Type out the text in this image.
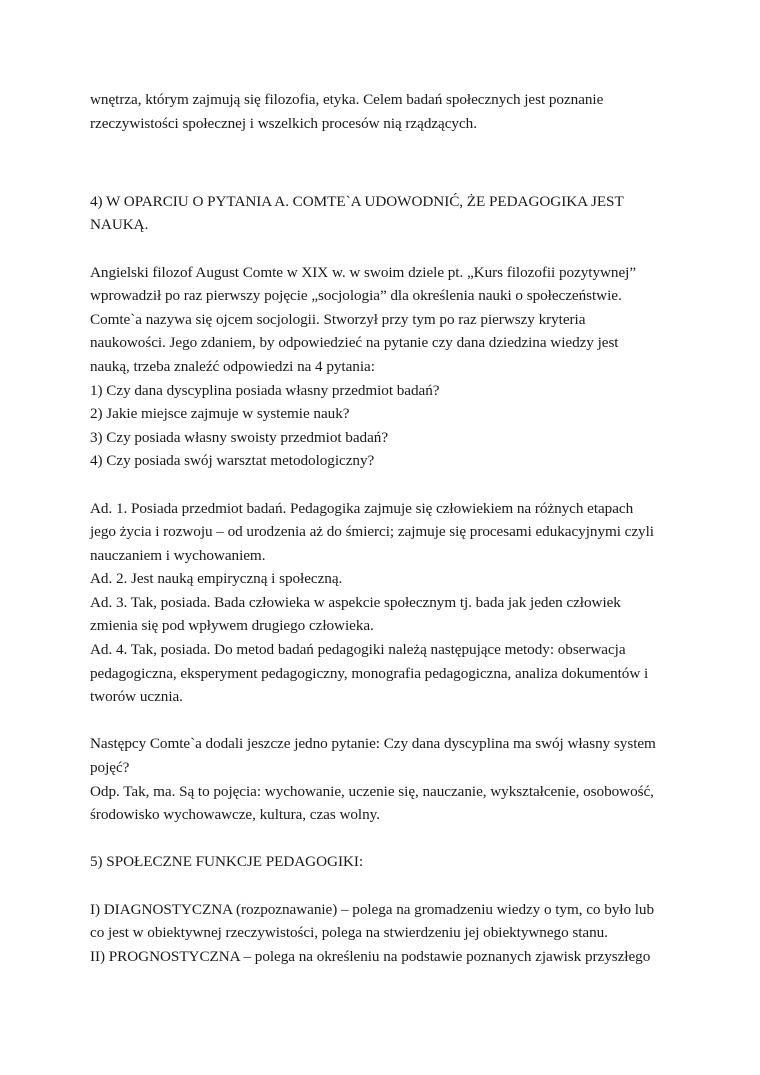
wnętrza, którym zajmują się filozofia, etyka. Celem badań społecznych jest poznanie
rzeczywistości społecznej i wszelkich procesów nią rządzących.
4) W OPARCIU O PYTANIA A. COMTE`A UDOWODNIĆ, ŻE PEDAGOGIKA JEST
NAUKĄ.
Angielski filozof August Comte w XIX w. w swoim dziele pt. „Kurs filozofii pozytywnej”
wprowadził po raz pierwszy pojęcie „socjologia” dla określenia nauki o społeczeństwie.
Comte`a nazywa się ojcem socjologii. Stworzył przy tym po raz pierwszy kryteria
naukowości. Jego zdaniem, by odpowiedzieć na pytanie czy dana dziedzina wiedzy jest
nauką, trzeba znaleźć odpowiedzi na 4 pytania:
1) Czy dana dyscyplina posiada własny przedmiot badań?
2) Jakie miejsce zajmuje w systemie nauk?
3) Czy posiada własny swoisty przedmiot badań?
4) Czy posiada swój warsztat metodologiczny?
Ad. 1. Posiada przedmiot badań. Pedagogika zajmuje się człowiekiem na różnych etapach
jego życia i rozwoju – od urodzenia aż do śmierci; zajmuje się procesami edukacyjnymi czyli
nauczaniem i wychowaniem.
Ad. 2. Jest nauką empiryczną i społeczną.
Ad. 3. Tak, posiada. Bada człowieka w aspekcie społecznym tj. bada jak jeden człowiek
zmienia się pod wpływem drugiego człowieka.
Ad. 4. Tak, posiada. Do metod badań pedagogiki należą następujące metody: obserwacja
pedagogiczna, eksperyment pedagogiczny, monografia pedagogiczna, analiza dokumentów i
tworów ucznia.
Następcy Comte`a dodali jeszcze jedno pytanie: Czy dana dyscyplina ma swój własny system
pojęć?
Odp. Tak, ma. Są to pojęcia: wychowanie, uczenie się, nauczanie, wykształcenie, osobowość,
środowisko wychowawcze, kultura, czas wolny.
5) SPOŁECZNE FUNKCJE PEDAGOGIKI:
I) DIAGNOSTYCZNA (rozpoznawanie) – polega na gromadzeniu wiedzy o tym, co było lub
co jest w obiektywnej rzeczywistości, polega na stwierdzeniu jej obiektywnego stanu.
II) PROGNOSTYCZNA – polega na określeniu na podstawie poznanych zjawisk przyszłego
